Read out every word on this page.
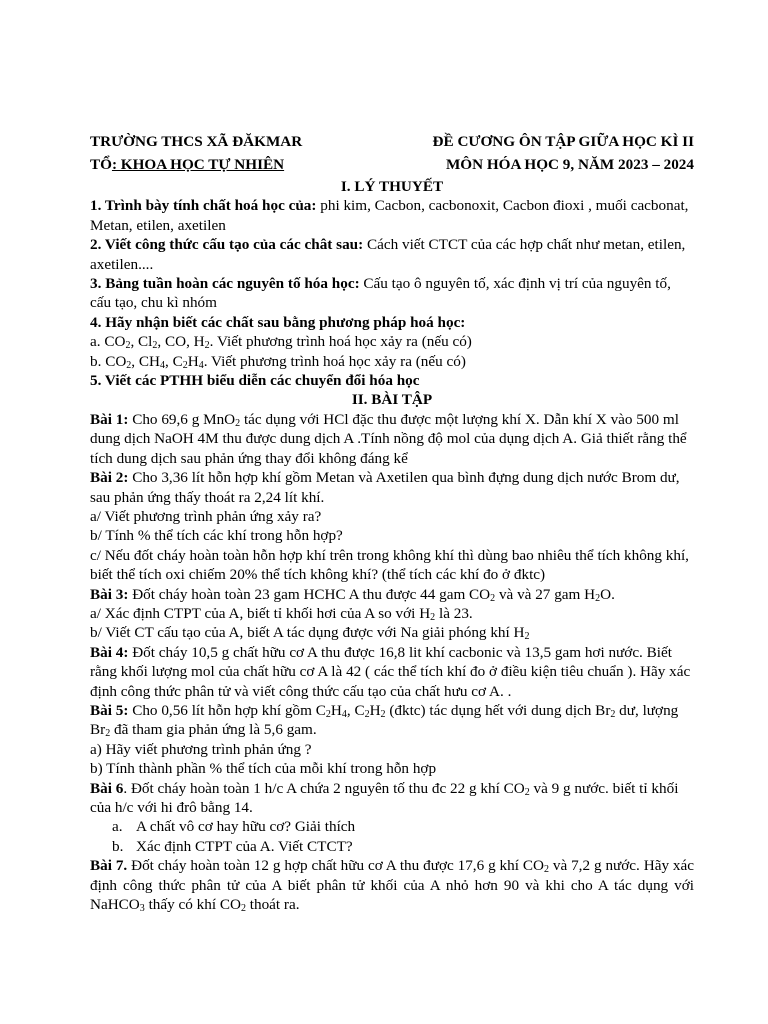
TRƯỜNG THCS XÃ ĐĂKMAR	ĐỀ CƯƠNG ÔN TẬP GIỮA HỌC KÌ II
TỔ: KHOA HỌC TỰ NHIÊN	MÔN HÓA HỌC 9, NĂM 2023 – 2024

I. LÝ THUYẾT

1. Trình bày tính chất hoá học của: phi kim, Cacbon, cacbonoxit, Cacbon đioxi , muối cacbonat, Metan, etilen, axetilen

2. Viết công thức cấu tạo của các chât sau: Cách viết CTCT của các hợp chất như metan, etilen, axetilen....

3. Bảng tuần hoàn các nguyên tố hóa học: Cấu tạo ô nguyên tố, xác định vị trí của nguyên tố, cấu tạo, chu kì nhóm

4. Hãy nhận biết các chất sau bằng phương pháp hoá học:

a. $CO_2$, $Cl_2$, CO, $H_2$. Viết phương trình hoá học xảy ra (nếu có)

b. $CO_2$, $CH_4$, $C_2H_4$. Viết phương trình hoá học xảy ra (nếu có)

5. Viết các PTHH biểu diễn các chuyển đổi hóa học

II. BÀI TẬP

Bài 1: Cho 69,6 g MnO$_2$ tác dụng với HCl đặc thu được một lượng khí X. Dẫn khí X vào 500 ml dung dịch NaOH 4M thu được dung dịch A .Tính nồng độ mol của dụng dịch A. Giả thiết rằng thể tích dung dịch sau phản ứng thay đổi không đáng kể

Bài 2: Cho 3,36 lít hỗn hợp khí gồm Metan và Axetilen qua bình đựng dung dịch nước Brom dư, sau phản ứng thấy thoát ra 2,24 lít khí.

a/ Viết phương trình phản ứng xảy ra?

b/ Tính % thể tích các khí trong hỗn hợp?

c/ Nếu đốt cháy hoàn toàn hỗn hợp khí trên trong không khí thì dùng bao nhiêu thể tích không khí, biết thể tích oxi chiếm 20% thể tích không khí? (thể tích các khí đo ở đktc)

Bài 3: Đốt cháy hoàn toàn 23 gam HCHC A thu được 44 gam $CO_2$ và và 27 gam $H_2O$.

a/ Xác định CTPT của A, biết tỉ khối hơi của A so với $H_2$ là 23.

b/ Viết CT cấu tạo của A, biết A tác dụng được với Na giải phóng khí $H_2$

Bài 4: Đốt cháy 10,5 g chất hữu cơ A thu được 16,8 lit khí cacbonic và 13,5 gam hơi nước. Biết rằng khối lượng mol của chất hữu cơ A là 42 ( các thể tích khí đo ở điều kiện tiêu chuẩn ). Hãy xác định công thức phân tử và viết công thức cấu tạo của chất hưu cơ A. .

Bài 5: Cho 0,56 lít hỗn hợp khí gồm $C_2H_4$, $C_2H_2$ (đktc) tác dụng hết với dung dịch $Br_2$ dư, lượng $Br_2$ đã tham gia phản ứng là 5,6 gam.

a) Hãy viết phương trình phản ứng ?

b) Tính thành phần % thể tích của mỗi khí trong hỗn hợp

Bài 6. Đốt cháy hoàn toàn 1 h/c A chứa 2 nguyên tố thu đc 22 g khí $CO_2$ và 9 g nước. biết tỉ khối của h/c với hi đrô bằng 14.

a. A chất vô cơ hay hữu cơ? Giải thích

b. Xác định CTPT của A. Viết CTCT?

Bài 7. Đốt cháy hoàn toàn 12 g hợp chất hữu cơ A thu được 17,6 g khí $CO_2$ và 7,2 g nước. Hãy xác định công thức phân tử của A biết phân tử khối của A nhỏ hơn 90 và khi cho A tác dụng với NaHCO$_3$ thấy có khí $CO_2$ thoát ra.
